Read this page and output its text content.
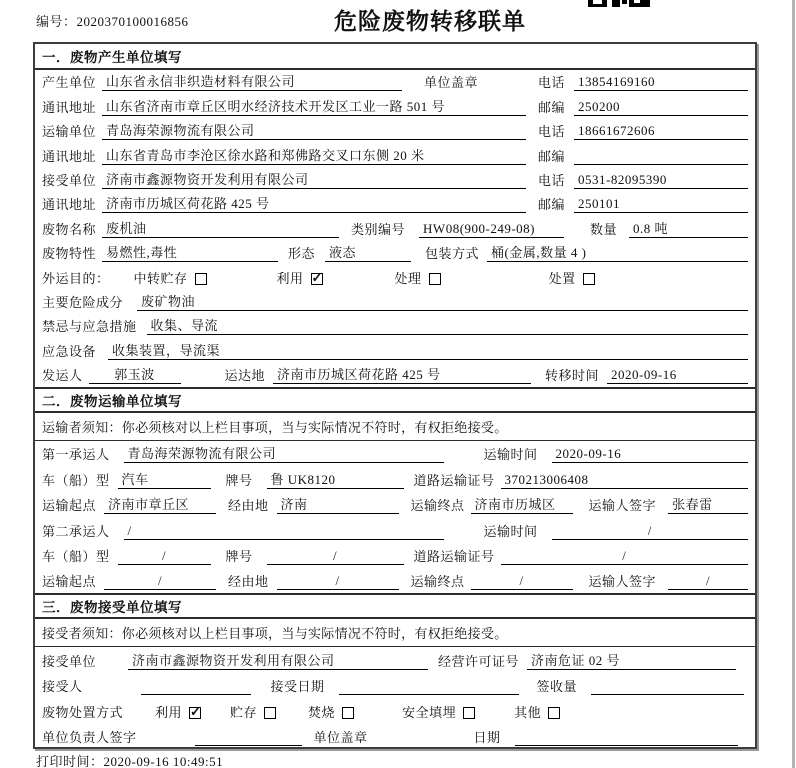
编号：2020370100016856	危险废物转移联单
一．废物产生单位填写
产生单位 山东省永信非织造材料有限公司	单位盖章	电话	13854169160
通讯地址 山东省济南市章丘区明水经济技术开发区工业一路 501 号	邮编	250200
运输单位 青岛海荣源物流有限公司	电话	18661672606
通讯地址 山东省青岛市李沧区徐水路和郑佛路交叉口东侧 20 米	邮编
接受单位 济南市鑫源物资开发利用有限公司	电话	0531-82095390
通讯地址 济南市历城区荷花路 425 号	邮编	250101
废物名称 废机油	类别编号	HW08(900-249-08)	数量	0.8 吨
废物特性 易燃性,毒性	形态	液态	包装方式 桶(金属,数量 4 )
外运目的： 中转贮存	利用 ✓	处理	处置
主要危险成分	废矿物油
禁忌与应急措施	收集、导流
应急设备	收集装置，导流渠
发运人	郭玉波	运达地 济南市历城区荷花路 425 号	转移时间 2020-09-16
二．废物运输单位填写
运输者须知：你必须核对以上栏目事项，当与实际情况不符时，有权拒绝接受。
第一承运人	青岛海荣源物流有限公司	运输时间	2020-09-16
车（船）型 汽车	牌号	鲁 UK8120	道路运输证号 370213006408
运输起点 济南市章丘区	经由地 济南	运输终点 济南市历城区	运输人签字	张春雷
第二承运人	/	运输时间	/
车（船）型	/	牌号	/	道路运输证号	/
运输起点	/	经由地	/	运输终点	/	运输人签字	/
三．废物接受单位填写
接受者须知：你必须核对以上栏目事项，当与实际情况不符时，有权拒绝接受。
接受单位	济南市鑫源物资开发利用有限公司	经营许可证号 济南危证 02 号
接受人	接受日期	签收量
废物处置方式 利用 ✓	贮存	焚烧	安全填埋	其他
单位负责人签字	单位盖章	日期
打印时间：2020-09-16 10:49:51
